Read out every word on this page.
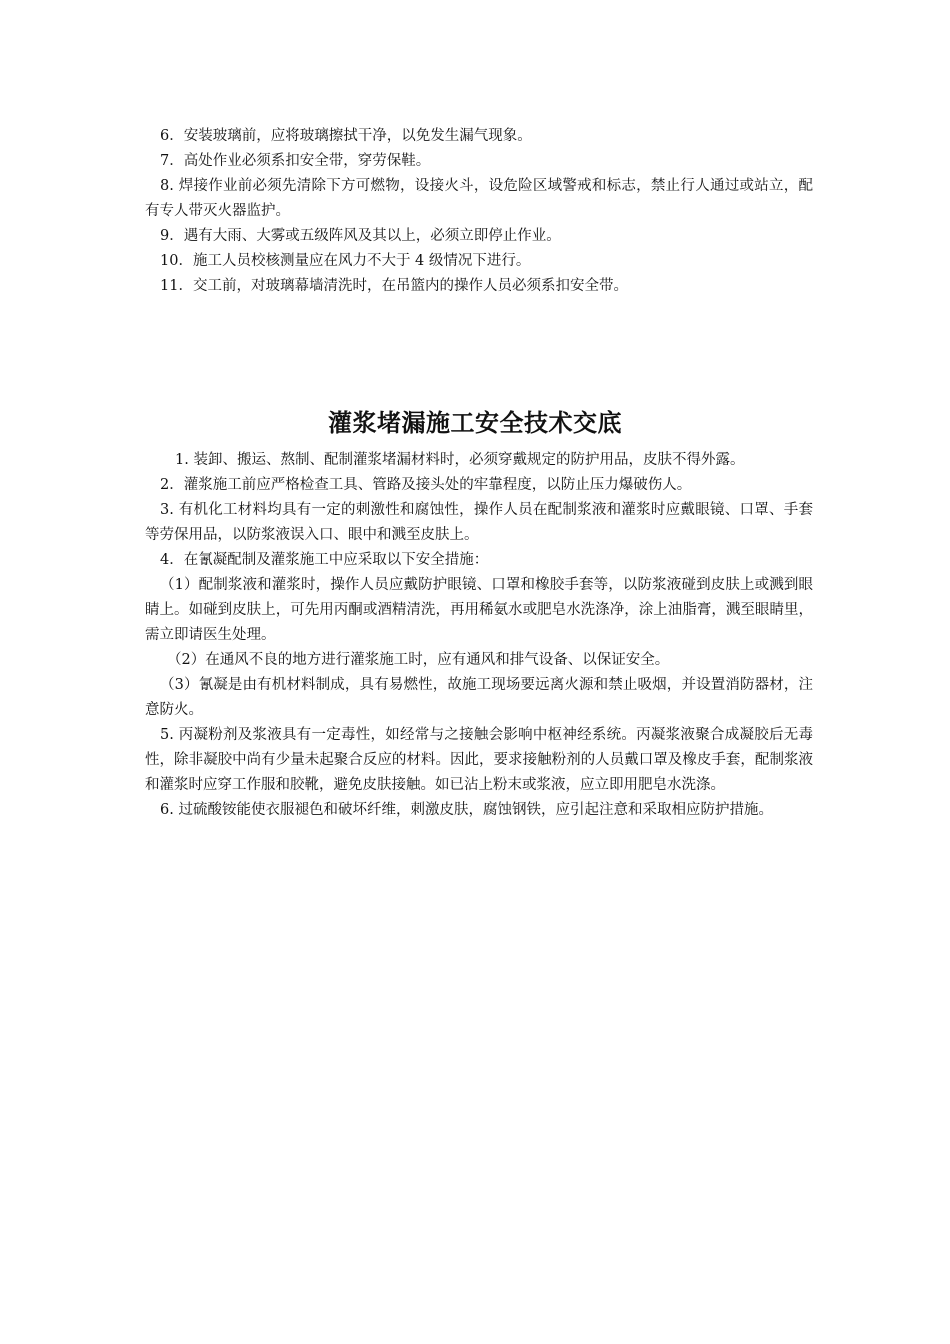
6．安装玻璃前，应将玻璃擦拭干净，以免发生漏气现象。

7．高处作业必须系扣安全带，穿劳保鞋。

8. 焊接作业前必须先清除下方可燃物，设接火斗，设危险区域警戒和标志，禁止行人通过或站立，配有专人带灭火器监护。

9．遇有大雨、大雾或五级阵风及其以上，必须立即停止作业。

10．施工人员校核测量应在风力不大于 4 级情况下进行。

11．交工前，对玻璃幕墙清洗时，在吊篮内的操作人员必须系扣安全带。

灌浆堵漏施工安全技术交底

1. 装卸、搬运、熬制、配制灌浆堵漏材料时，必须穿戴规定的防护用品，皮肤不得外露。

2．灌浆施工前应严格检查工具、管路及接头处的牢靠程度，以防止压力爆破伤人。

3. 有机化工材料均具有一定的刺激性和腐蚀性，操作人员在配制浆液和灌浆时应戴眼镜、口罩、手套等劳保用品，以防浆液误入口、眼中和溅至皮肤上。

4．在氰凝配制及灌浆施工中应采取以下安全措施：

（1）配制浆液和灌浆时，操作人员应戴防护眼镜、口罩和橡胶手套等，以防浆液碰到皮肤上或溅到眼睛上。如碰到皮肤上，可先用丙酮或酒精清洗，再用稀氨水或肥皂水洗涤净，涂上油脂膏，溅至眼睛里，需立即请医生处理。

（2）在通风不良的地方进行灌浆施工时，应有通风和排气设备、以保证安全。

（3）氰凝是由有机材料制成，具有易燃性，故施工现场要远离火源和禁止吸烟，并设置消防器材，注意防火。

5. 丙凝粉剂及浆液具有一定毒性，如经常与之接触会影响中枢神经系统。丙凝浆液聚合成凝胶后无毒性，除非凝胶中尚有少量未起聚合反应的材料。因此，要求接触粉剂的人员戴口罩及橡皮手套，配制浆液和灌浆时应穿工作服和胶靴，避免皮肤接触。如已沾上粉末或浆液，应立即用肥皂水洗涤。

6. 过硫酸铵能使衣服褪色和破坏纤维，刺激皮肤，腐蚀钢铁，应引起注意和采取相应防护措施。
